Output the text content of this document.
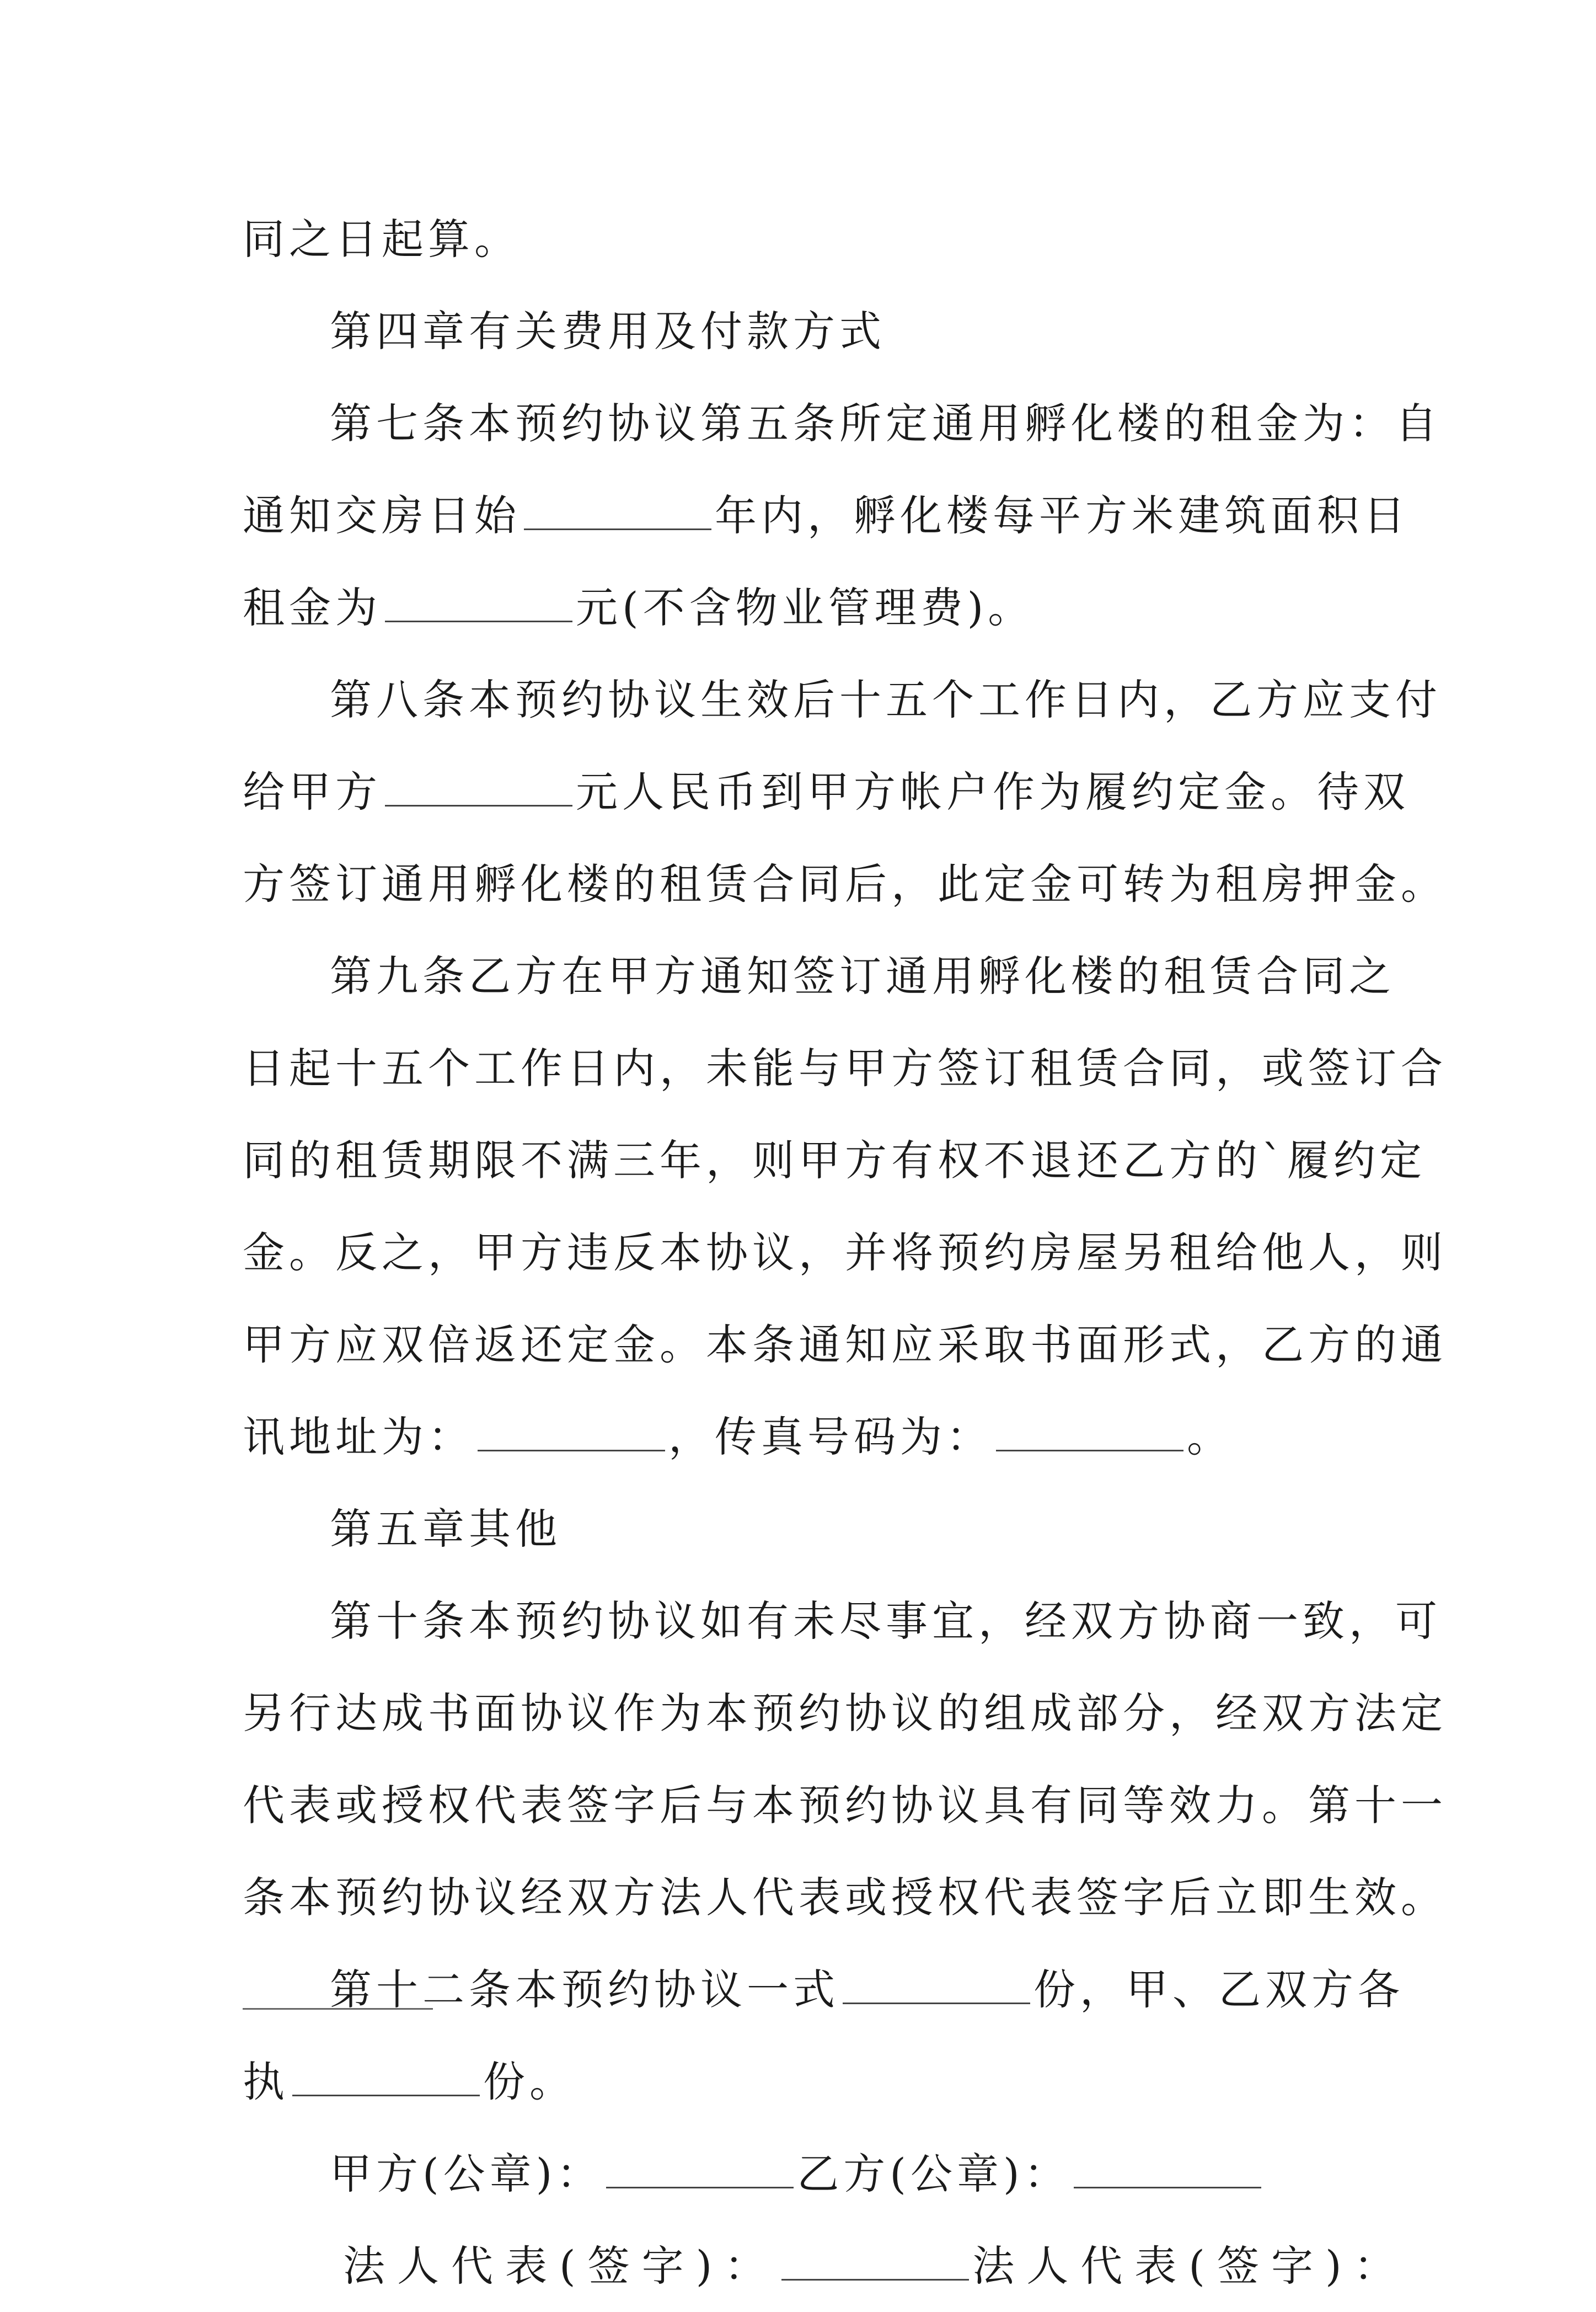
同之日起算。
第四章有关费用及付款方式
第七条本预约协议第五条所定通用孵化楼的租金为：自
通知交房日始	年内，孵化楼每平方米建筑面积日
租金为	元(不含物业管理费)。
第八条本预约协议生效后十五个工作日内，乙方应支付
给甲方	元人民币到甲方帐户作为履约定金。待双
方签订通用孵化楼的租赁合同后，此定金可转为租房押金。
第九条乙方在甲方通知签订通用孵化楼的租赁合同之
日起十五个工作日内，未能与甲方签订租赁合同，或签订合
同的租赁期限不满三年，则甲方有权不退还乙方的`履约定
金。反之，甲方违反本协议，并将预约房屋另租给他人，则
甲方应双倍返还定金。本条通知应采取书面形式，乙方的通
讯地址为：	，传真号码为：	。
第五章其他
第十条本预约协议如有未尽事宜，经双方协商一致，可
另行达成书面协议作为本预约协议的组成部分，经双方法定
代表或授权代表签字后与本预约协议具有同等效力。第十一
条本预约协议经双方法人代表或授权代表签字后立即生效。
第十二条本预约协议一式	份，甲、乙双方各
执	份。
甲方(公章)：	乙方(公章)：
法人代表(签字)：	法人代表(签字)：
